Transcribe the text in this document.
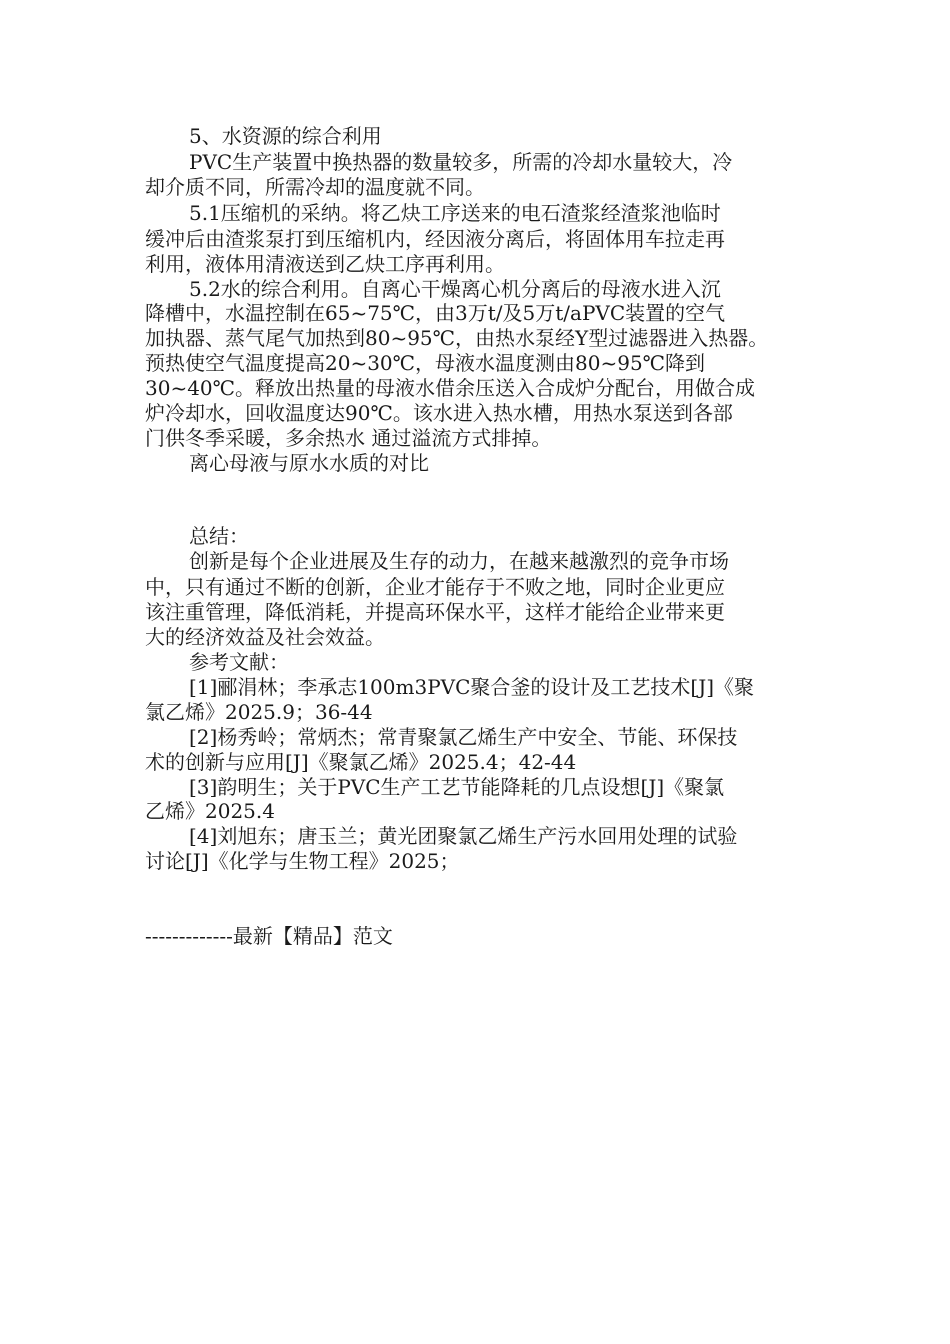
5、水资源的综合利用
PVC生产装置中换热器的数量较多，所需的冷却水量较大，冷
却介质不同，所需冷却的温度就不同。
5.1压缩机的采纳。将乙炔工序送来的电石渣浆经渣浆池临时
缓冲后由渣浆泵打到压缩机内，经因液分离后，将固体用车拉走再
利用，液体用清液送到乙炔工序再利用。
5.2水的综合利用。自离心干燥离心机分离后的母液水进入沉
降槽中，水温控制在65~75℃，由3万t/及5万t/aPVC装置的空气
加执器、蒸气尾气加热到80~95℃，由热水泵经Y型过滤器进入热器。
预热使空气温度提高20~30℃，母液水温度测由80~95℃降到
30~40℃。释放出热量的母液水借余压送入合成炉分配台，用做合成
炉冷却水，回收温度达90℃。该水进入热水槽，用热水泵送到各部
门供冬季采暖，多余热水 通过溢流方式排掉。
离心母液与原水水质的对比
总结：
创新是每个企业进展及生存的动力，在越来越激烈的竞争市场
中，只有通过不断的创新，企业才能存于不败之地，同时企业更应
该注重管理，降低消耗，并提高环保水平，这样才能给企业带来更
大的经济效益及社会效益。
参考文献：
[1]郦涓林；李承志100m3PVC聚合釜的设计及工艺技术[J]《聚
氯乙烯》2025.9；36-44
[2]杨秀岭；常炳杰；常青聚氯乙烯生产中安全、节能、环保技
术的创新与应用[J]《聚氯乙烯》2025.4；42-44
[3]韵明生；关于PVC生产工艺节能降耗的几点设想[J]《聚氯
乙烯》2025.4
[4]刘旭东；唐玉兰；黄光团聚氯乙烯生产污水回用处理的试验
讨论[J]《化学与生物工程》2025；
-------------最新【精品】范文
